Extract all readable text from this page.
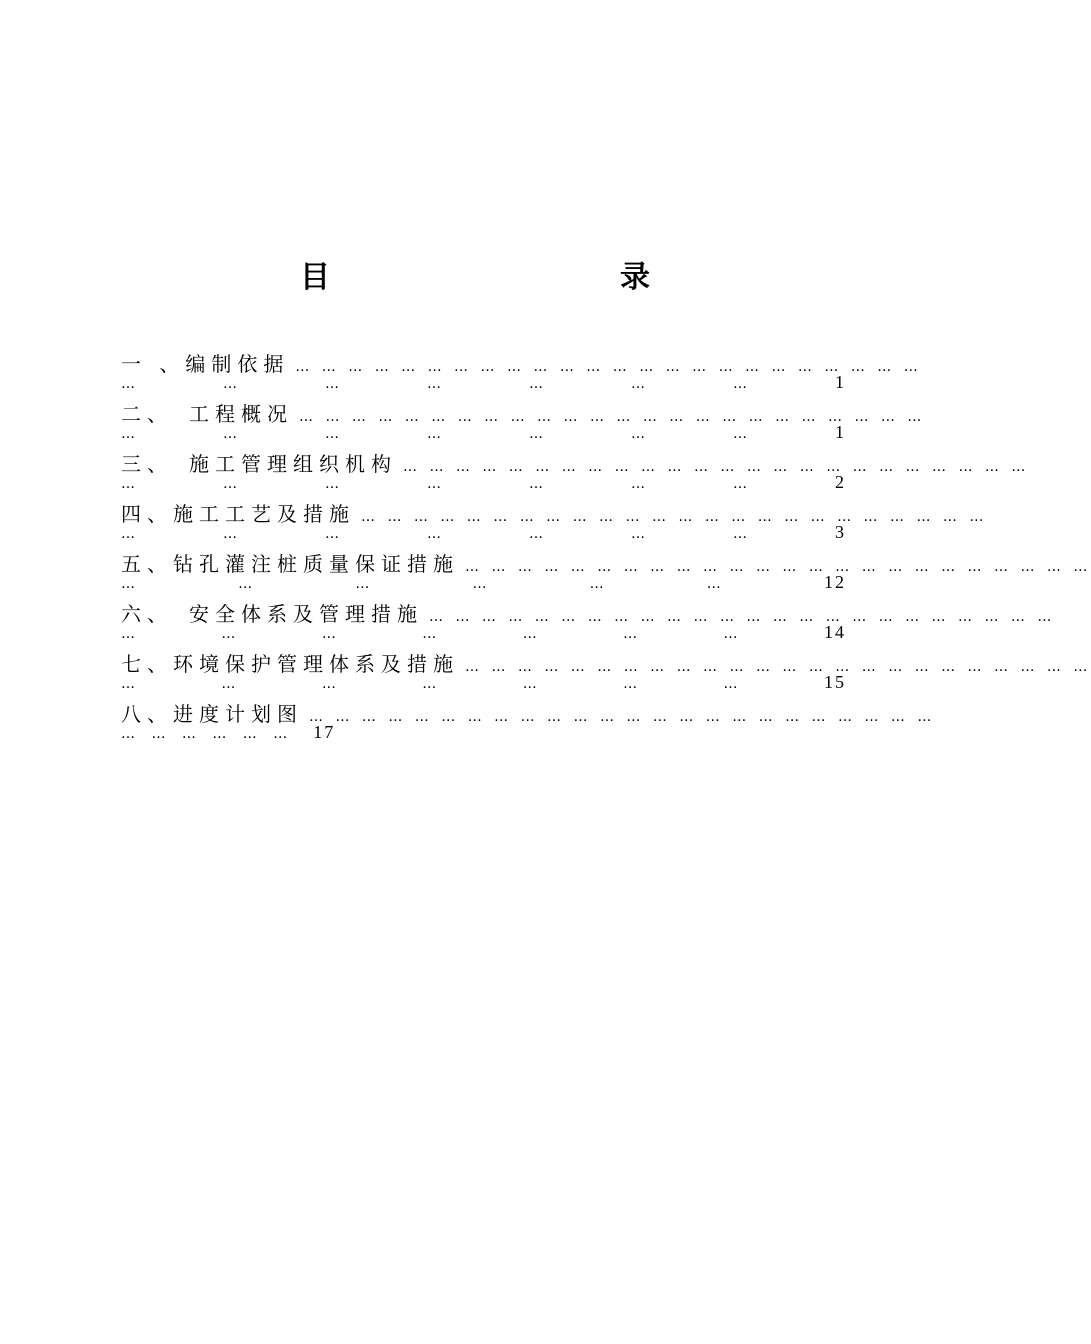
目　录
一 、编制依据 … … … … … … … … … … … … … … … … … … … … … … … …
…	…	…	…	…	…	…	1
二、　工程概况 … … … … … … … … … … … … … … … … … … … … … … … …
…	…	…	…	…	…	…	1
三、　施工管理组织机构 … … … … … … … … … … … … … … … … … … … … … … … …
…	…	…	…	…	…	…	2
四、施工工艺及措施 … … … … … … … … … … … … … … … … … … … … … … … …
…	…	…	…	…	…	…	3
五、钻孔灌注桩质量保证措施 … … … … … … … … … … … … … … … … … … … … … … … …
…	…	…	…	…	…	12
六、　安全体系及管理措施 … … … … … … … … … … … … … … … … … … … … … … … …
…	…	…	…	…	…	…	14
七、环境保护管理体系及措施 … … … … … … … … … … … … … … … … … … … … … … … …
…	…	…	…	…	…	…	15
八、进度计划图 … … … … … … … … … … … … … … … … … … … … … … … …
… … … … … … 17
